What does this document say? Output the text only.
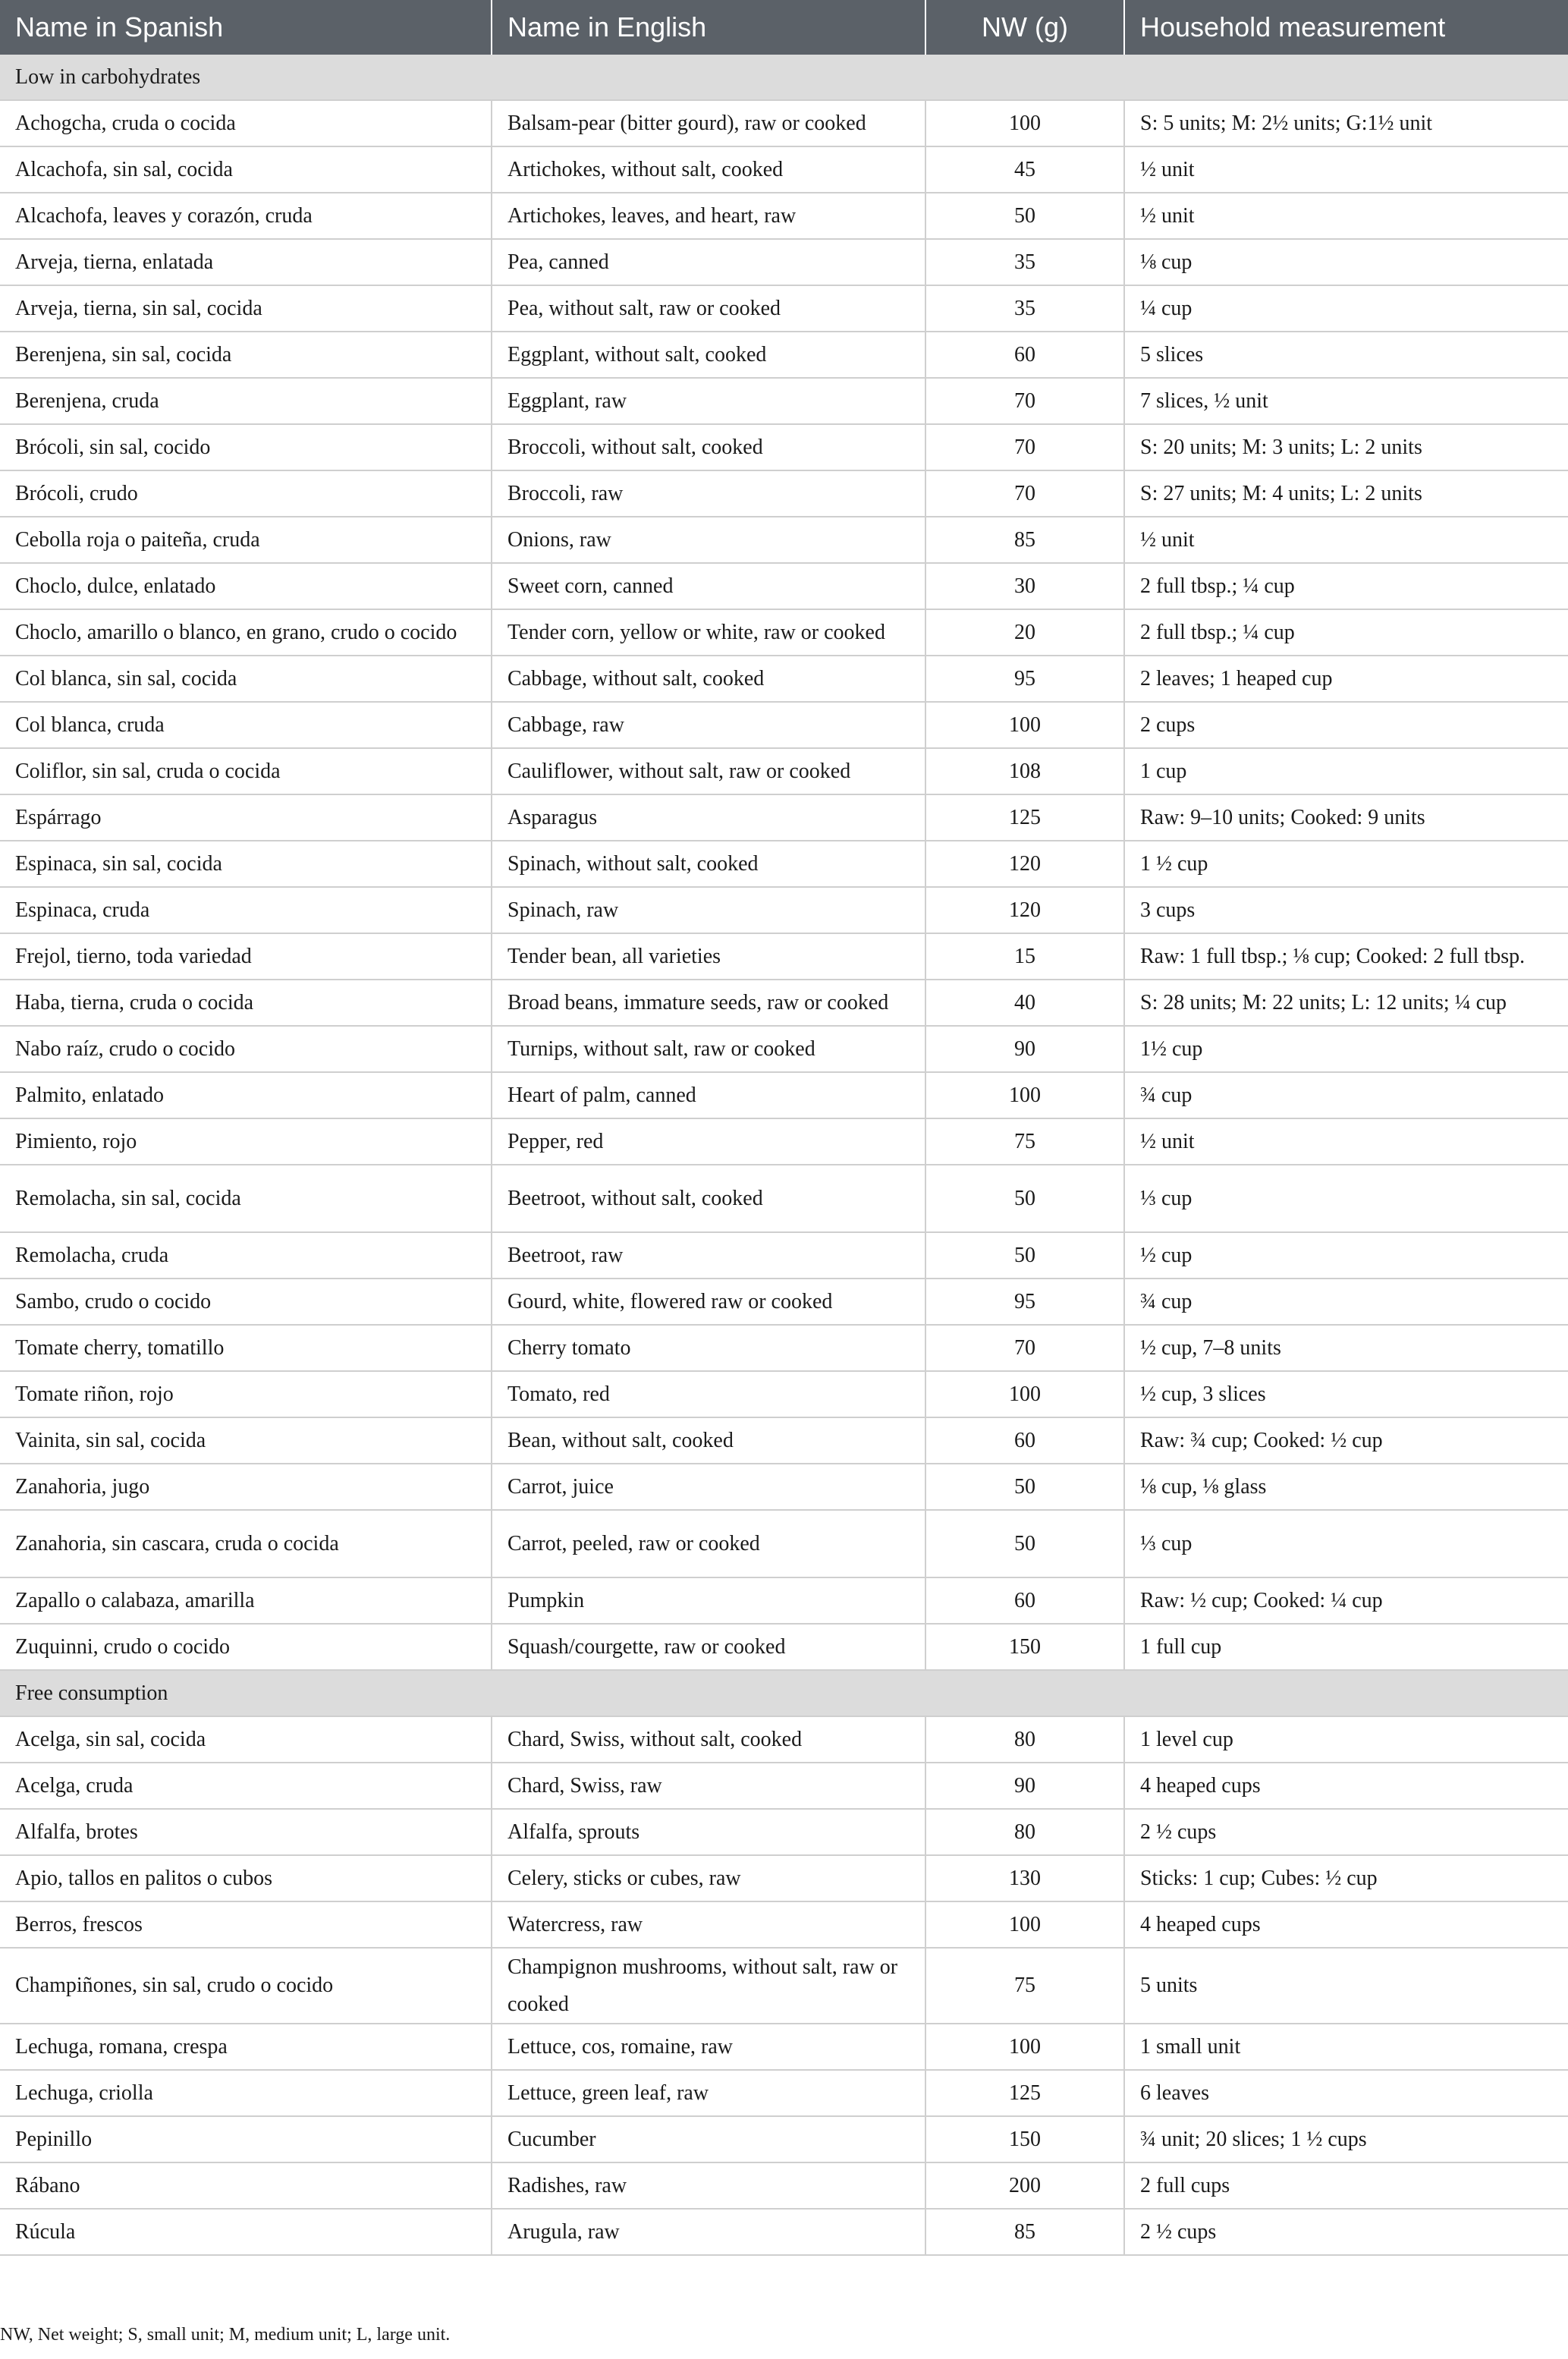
Name in Spanish	Name in English	NW (g)	Household measurement
Low in carbohydrates			
Achogcha, cruda o cocida	Balsam-pear (bitter gourd), raw or cooked	100	S: 5 units; M: 2½ units; G:1½ unit
Alcachofa, sin sal, cocida	Artichokes, without salt, cooked	45	½ unit
Alcachofa, leaves y corazón, cruda	Artichokes, leaves, and heart, raw	50	½ unit
Arveja, tierna, enlatada	Pea, canned	35	⅛ cup
Arveja, tierna, sin sal, cocida	Pea, without salt, raw or cooked	35	¼ cup
Berenjena, sin sal, cocida	Eggplant, without salt, cooked	60	5 slices
Berenjena, cruda	Eggplant, raw	70	7 slices, ½ unit
Brócoli, sin sal, cocido	Broccoli, without salt, cooked	70	S: 20 units; M: 3 units; L: 2 units
Brócoli, crudo	Broccoli, raw	70	S: 27 units; M: 4 units; L: 2 units
Cebolla roja o paiteña, cruda	Onions, raw	85	½ unit
Choclo, dulce, enlatado	Sweet corn, canned	30	2 full tbsp.; ¼ cup
Choclo, amarillo o blanco, en grano, crudo o cocido	Tender corn, yellow or white, raw or cooked	20	2 full tbsp.; ¼ cup
Col blanca, sin sal, cocida	Cabbage, without salt, cooked	95	2 leaves; 1 heaped cup
Col blanca, cruda	Cabbage, raw	100	2 cups
Coliflor, sin sal, cruda o cocida	Cauliflower, without salt, raw or cooked	108	1 cup
Espárrago	Asparagus	125	Raw: 9–10 units; Cooked: 9 units
Espinaca, sin sal, cocida	Spinach, without salt, cooked	120	1 ½ cup
Espinaca, cruda	Spinach, raw	120	3 cups
Frejol, tierno, toda variedad	Tender bean, all varieties	15	Raw: 1 full tbsp.; ⅛ cup; Cooked: 2 full tbsp.
Haba, tierna, cruda o cocida	Broad beans, immature seeds, raw or cooked	40	S: 28 units; M: 22 units; L: 12 units; ¼ cup
Nabo raíz, crudo o cocido	Turnips, without salt, raw or cooked	90	1½ cup
Palmito, enlatado	Heart of palm, canned	100	¾ cup
Pimiento, rojo	Pepper, red	75	½ unit
Remolacha, sin sal, cocida	Beetroot, without salt, cooked	50	⅓ cup
Remolacha, cruda	Beetroot, raw	50	½ cup
Sambo, crudo o cocido	Gourd, white, flowered raw or cooked	95	¾ cup
Tomate cherry, tomatillo	Cherry tomato	70	½ cup, 7–8 units
Tomate riñon, rojo	Tomato, red	100	½ cup, 3 slices
Vainita, sin sal, cocida	Bean, without salt, cooked	60	Raw: ¾ cup; Cooked: ½ cup
Zanahoria, jugo	Carrot, juice	50	⅛ cup, ⅛ glass
Zanahoria, sin cascara, cruda o cocida	Carrot, peeled, raw or cooked	50	⅓ cup
Zapallo o calabaza, amarilla	Pumpkin	60	Raw: ½ cup; Cooked: ¼ cup
Zuquinni, crudo o cocido	Squash/courgette, raw or cooked	150	1 full cup
Free consumption			
Acelga, sin sal, cocida	Chard, Swiss, without salt, cooked	80	1 level cup
Acelga, cruda	Chard, Swiss, raw	90	4 heaped cups
Alfalfa, brotes	Alfalfa, sprouts	80	2 ½ cups
Apio, tallos en palitos o cubos	Celery, sticks or cubes, raw	130	Sticks: 1 cup; Cubes: ½ cup
Berros, frescos	Watercress, raw	100	4 heaped cups
Champiñones, sin sal, crudo o cocido	Champignon mushrooms, without salt, raw or cooked	75	5 units
Lechuga, romana, crespa	Lettuce, cos, romaine, raw	100	1 small unit
Lechuga, criolla	Lettuce, green leaf, raw	125	6 leaves
Pepinillo	Cucumber	150	¾ unit; 20 slices; 1 ½ cups
Rábano	Radishes, raw	200	2 full cups
Rúcula	Arugula, raw	85	2 ½ cups
NW, Net weight; S, small unit; M, medium unit; L, large unit.
